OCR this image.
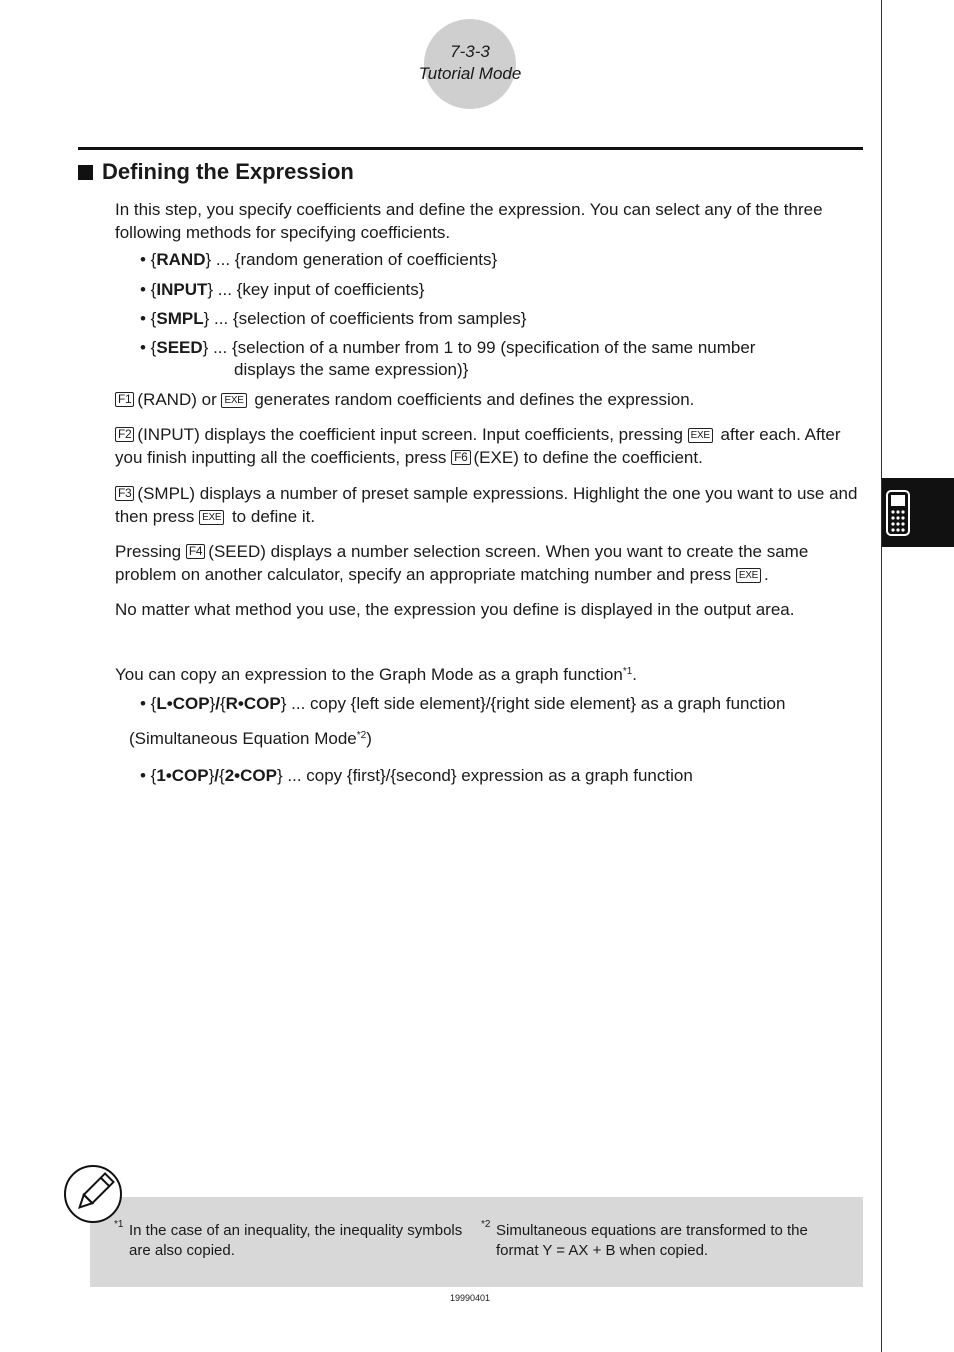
7-3-3
Tutorial Mode
Defining the Expression

In this step, you specify coefficients and define the expression. You can select any of the three following methods for specifying coefficients.

• {RAND} ... {random generation of coefficients}
• {INPUT} ... {key input of coefficients}
• {SMPL} ... {selection of coefficients from samples}
• {SEED} ... {selection of a number from 1 to 99 (specification of the same number
displays the same expression)}

F1 (RAND) or EXE generates random coefficients and defines the expression.

F2 (INPUT) displays the coefficient input screen. Input coefficients, pressing EXE after each. After you finish inputting all the coefficients, press F6 (EXE) to define the coefficient.

F3 (SMPL) displays a number of preset sample expressions. Highlight the one you want to use and then press EXE to define it.

Pressing F4 (SEED) displays a number selection screen. When you want to create the same problem on another calculator, specify an appropriate matching number and press EXE .

No matter what method you use, the expression you define is displayed in the output area.

You can copy an expression to the Graph Mode as a graph function$^{*1}$.

• {L•COP}/{R•COP} ... copy {left side element}/{right side element} as a graph function
(Simultaneous Equation Mode$^{*2}$)
• {1•COP}/{2•COP} ... copy {first}/{second} expression as a graph function
*1 In the case of an inequality, the inequality symbols are also copied.
*2 Simultaneous equations are transformed to the format Y = AX + B when copied.
19990401
